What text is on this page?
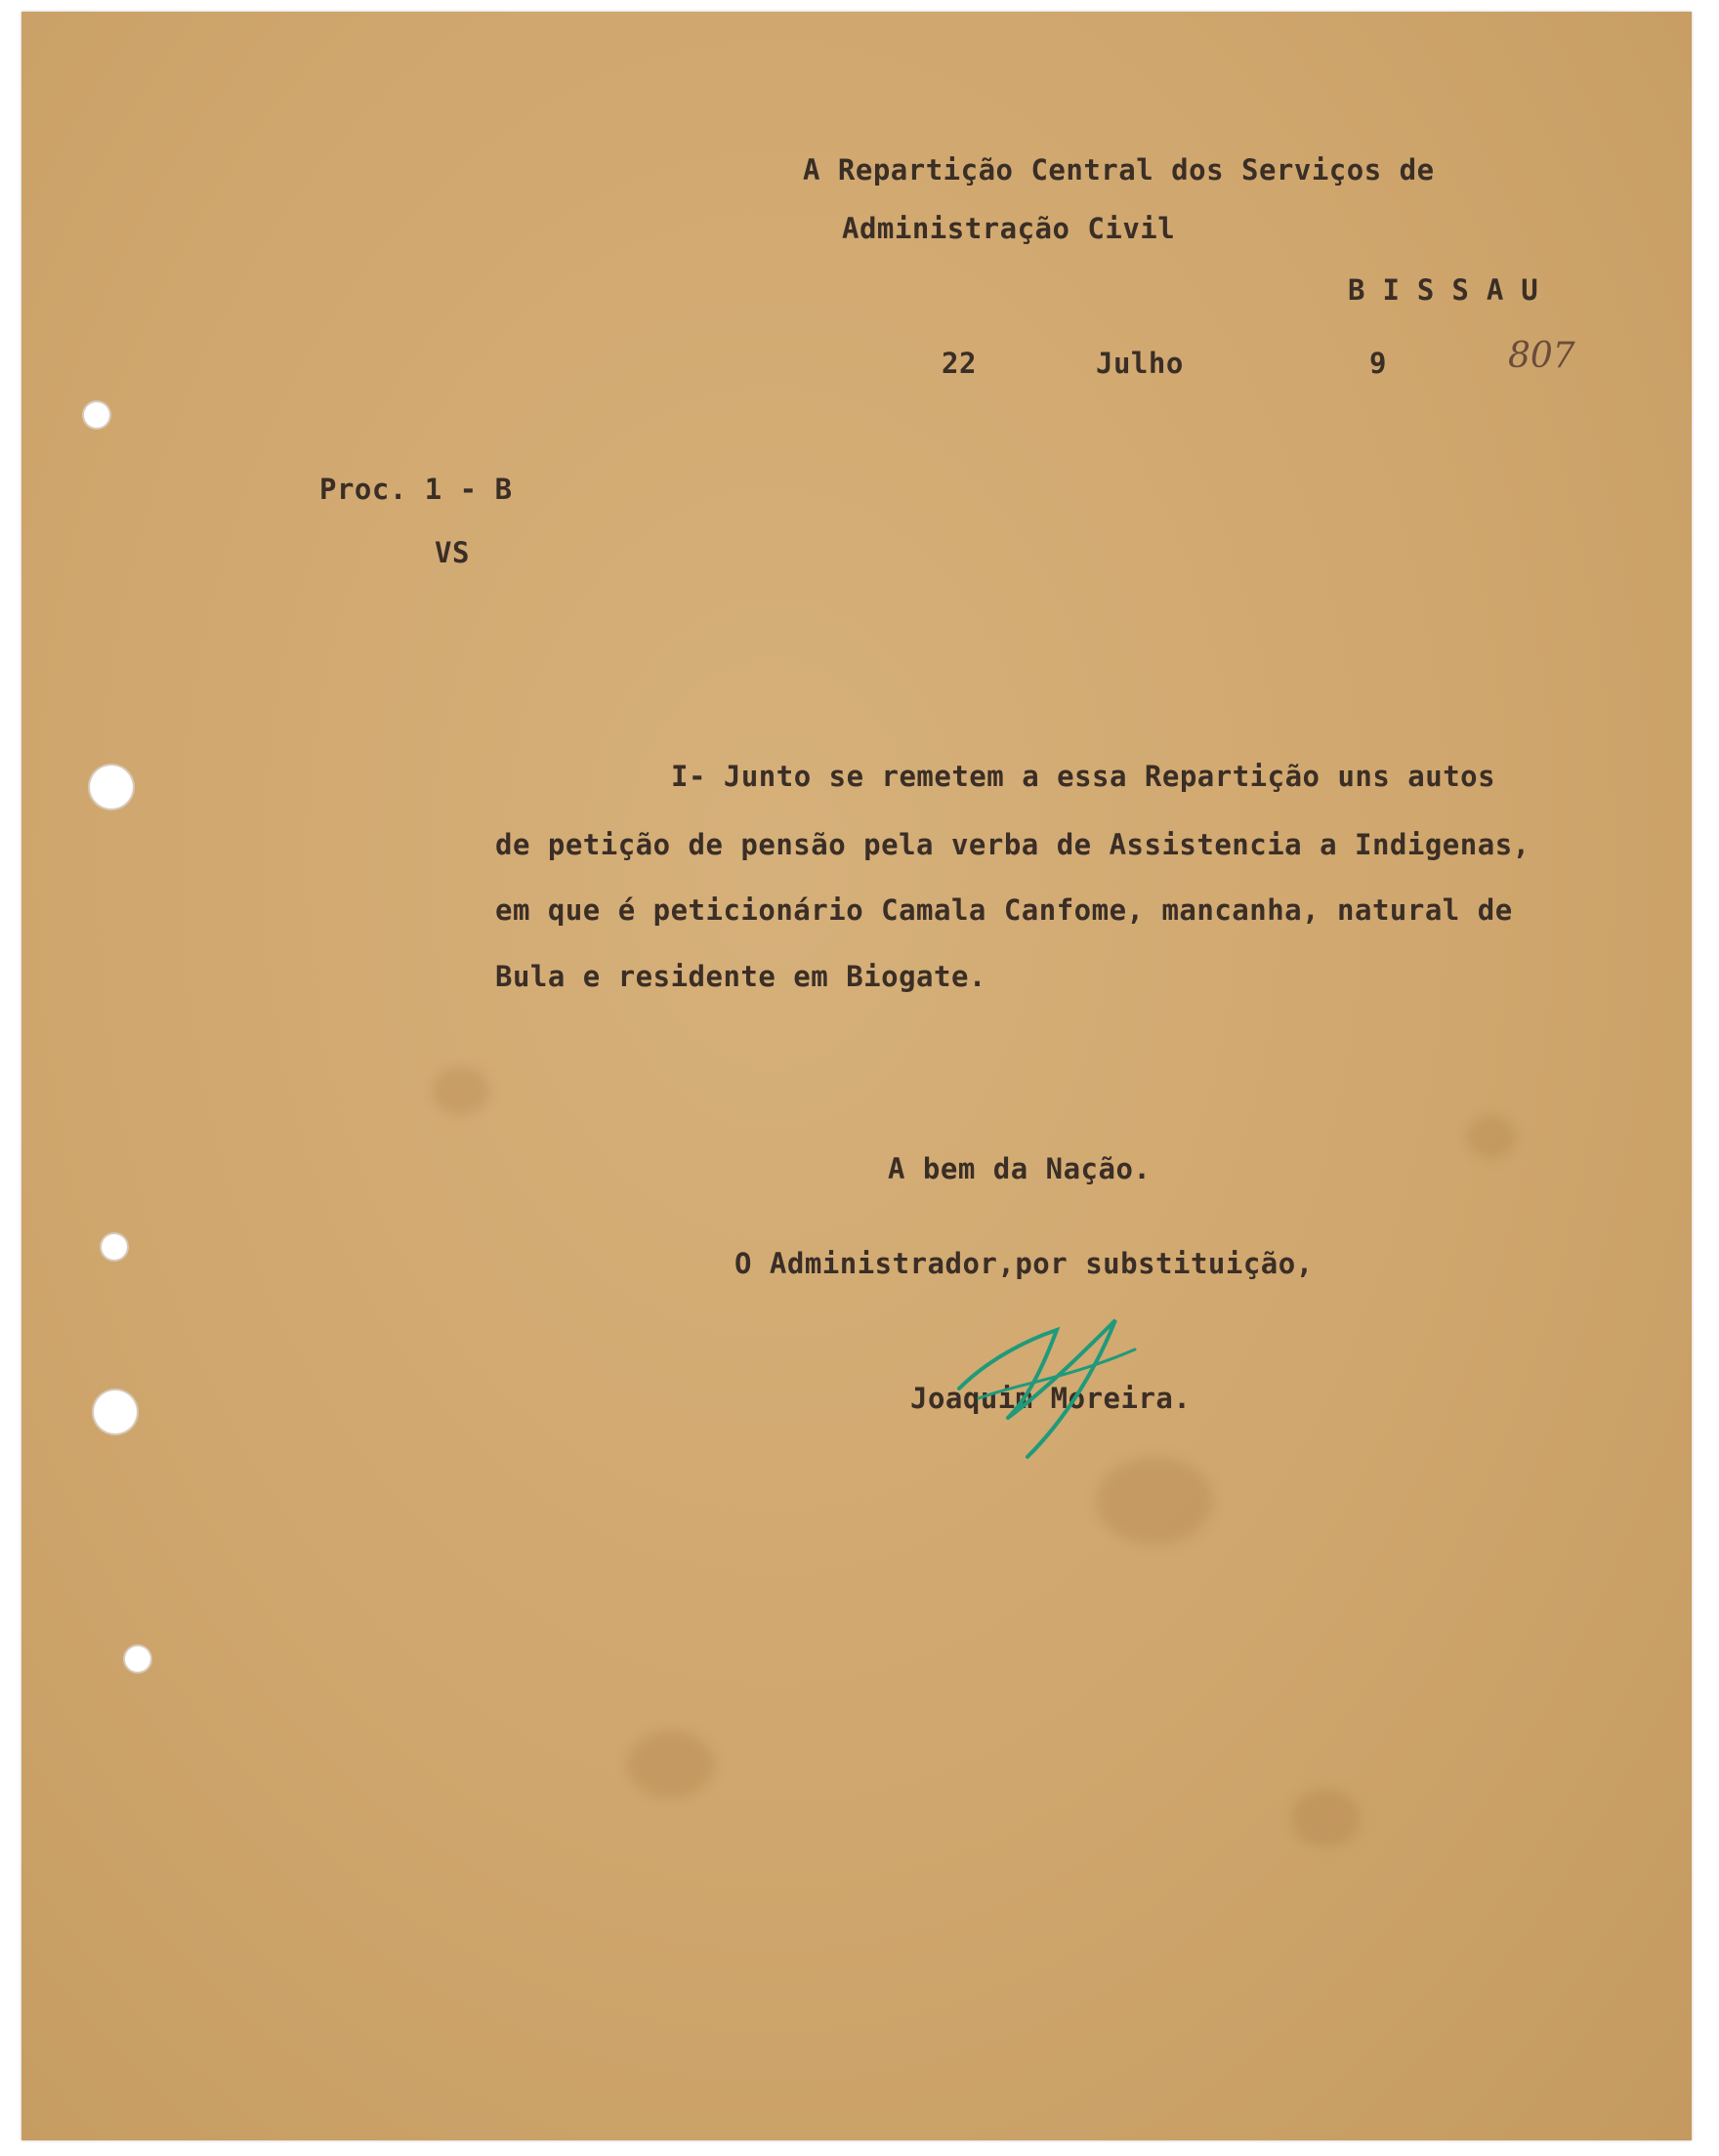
A Repartição Central dos Serviços de
Administração Civil
BISSAU
22	Julho	9	807
Proc. 1 - B
VS
I- Junto se remetem a essa Repartição uns autos
de petição de pensão pela verba de Assistencia a Indigenas,
em que é peticionário Camala Canfome, mancanha, natural de
Bula e residente em Biogate.
A bem da Nação.
O Administrador,por substituição,
Joaquim Moreira.
